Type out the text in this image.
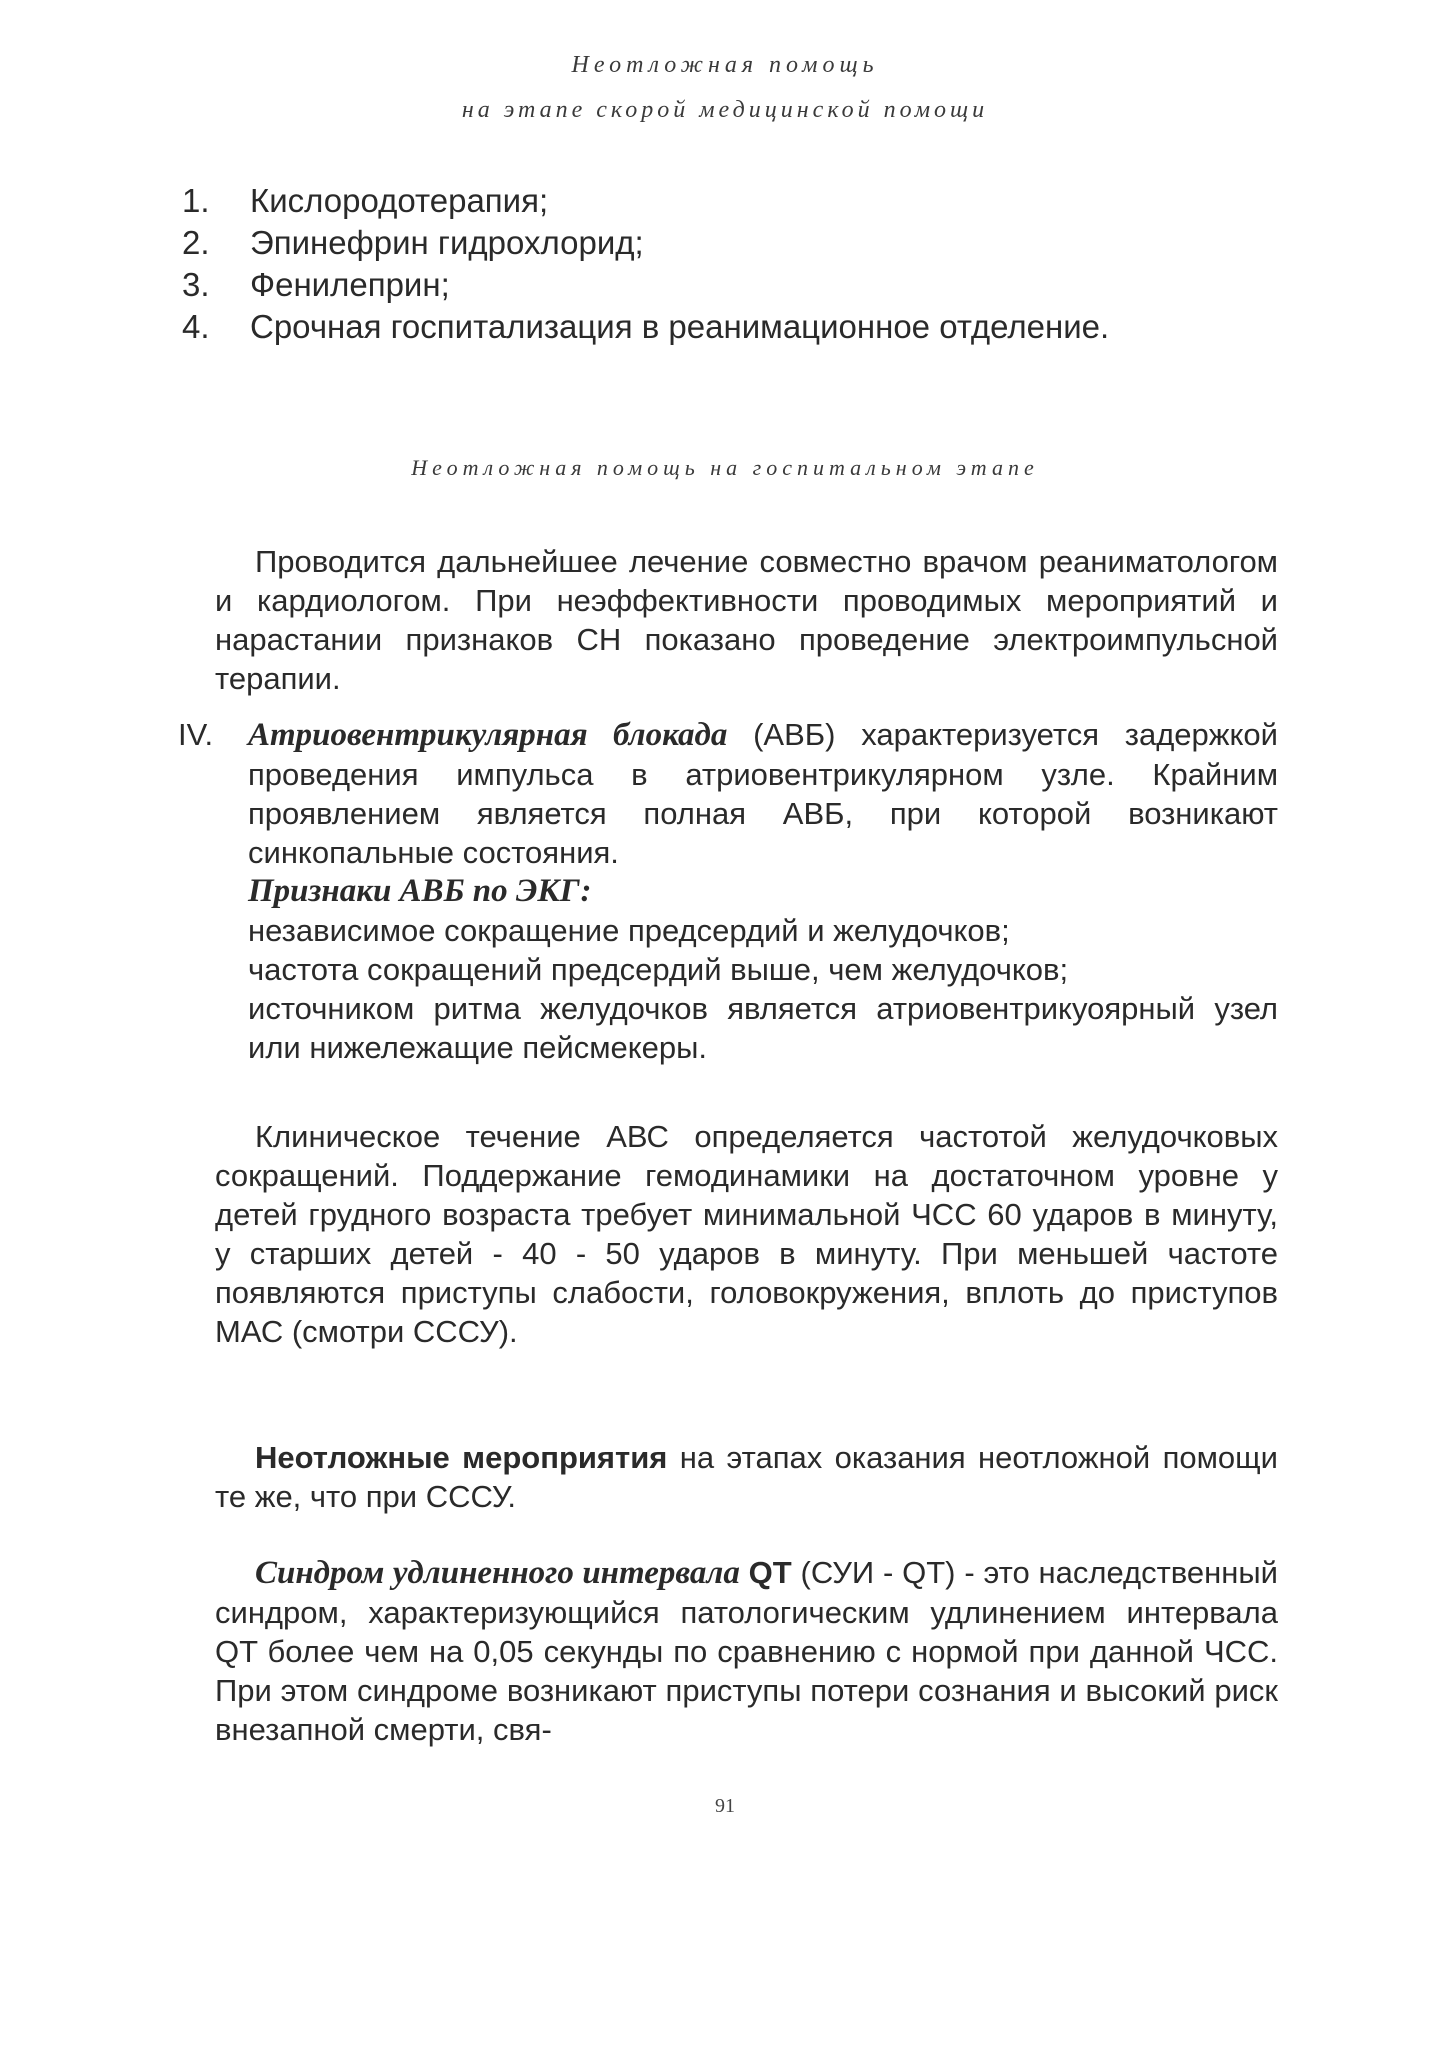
Неотложная помощь
на этапе скорой медицинской помощи
1.	Кислородотерапия;
2.	Эпинефрин гидрохлорид;
3.	Фенилеприн;
4.	Срочная госпитализация в реанимационное отделение.
Неотложная помощь на госпитальном этапе

Проводится дальнейшее лечение совместно врачом реаниматологом и кардиологом. При неэффективности проводимых мероприятий и нарастании признаков СН показано проведение электроимпульсной терапии.

IV.	Атриовентрикулярная блокада (АВБ) характеризуется задержкой проведения импульса в атриовентрикулярном узле. Крайним проявлением является полная АВБ, при которой возникают синкопальные состояния.
Признаки АВБ по ЭКГ:
независимое сокращение предсердий и желудочков;
частота сокращений предсердий выше, чем желудочков;
источником ритма желудочков является атриовентрикуоярный узел или нижележащие пейсмекеры.

Клиническое течение АВС определяется частотой желудочковых сокращений. Поддержание гемодинамики на достаточном уровне у детей грудного возраста требует минимальной ЧСС 60 ударов в минуту, у старших детей - 40 - 50 ударов в минуту. При меньшей частоте появляются приступы слабости, головокружения, вплоть до приступов МАС (смотри СССУ).

Неотложные мероприятия на этапах оказания неотложной помощи те же, что при СССУ.

Синдром удлиненного интервала QT (СУИ - QT) - это наследственный синдром, характеризующийся патологическим удлинением интервала QT более чем на 0,05 секунды по сравнению с нормой при данной ЧСС. При этом синдроме возникают приступы потери сознания и высокий риск внезапной смерти, свя-

91
